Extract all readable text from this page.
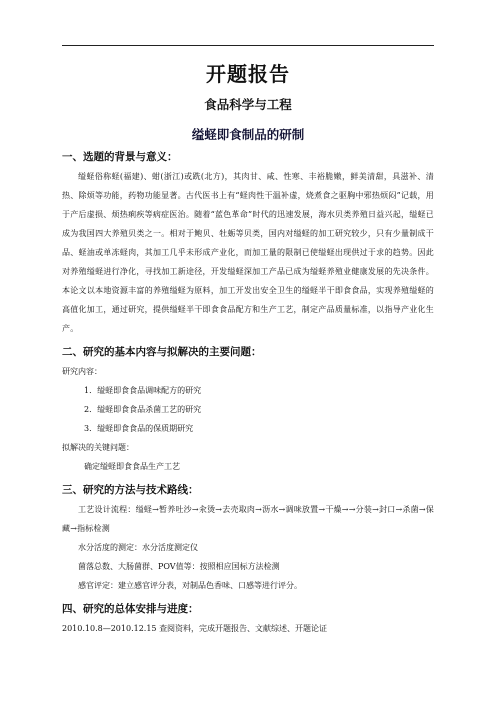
开题报告
食品科学与工程
缢蛏即食制品的研制
一、选题的背景与意义：

缢蛏俗称蛏(福建)、蚶(浙江)或跣(北方)，其肉甘、咸、性寒、丰裕脆嫩，鲜美清甜，具滋补、清热、除烦等功能，药物功能显著。古代医书上有“蛏肉性干温补虚，烧煮食之驱胸中邪热烦闷”记载，用于产后虚损、烦热痢疾等病症医治。随着“蓝色革命”时代的迅速发展，海水贝类养殖日益兴起，缢蛏已成为我国四大养殖贝类之一。相对于鲍贝、牡蛎等贝类，国内对缢蛏的加工研究较少，只有少量制成干品、蛏油或单冻蛏肉，其加工几乎未形成产业化，而加工量的限制已使缢蛏出现供过于求的趋势。因此对养殖缢蛏进行净化，寻找加工新途径，开发缢蛏深加工产品已成为缢蛏养殖业健康发展的先决条件。本论文以本地资源丰富的养殖缢蛏为原料，加工开发出安全卫生的缢蛏半干即食食品，实现养殖缢蛏的高值化加工，通过研究，提供缢蛏半干即食食品配方和生产工艺，制定产品质量标准，以指导产业化生产。

二、研究的基本内容与拟解决的主要问题：

研究内容：

1．缢蛏即食食品调味配方的研究

2．缢蛏即食食品杀菌工艺的研究

3．缢蛏即食食品的保质期研究

拟解决的关键问题：

确定缢蛏即食食品生产工艺

三、研究的方法与技术路线：

工艺设计流程：缢蛏→暂养吐沙→汆烫→去壳取肉→沥水→调味放置→干燥→→分装→封口→杀菌→保藏→指标检测

水分活度的测定：水分活度测定仪

菌落总数、大肠菌群、POV值等：按照相应国标方法检测

感官评定：建立感官评分表，对制品色香味、口感等进行评分。

四、研究的总体安排与进度：

2010.10.8—2010.12.15 查阅资料，完成开题报告、文献综述、开题论证
